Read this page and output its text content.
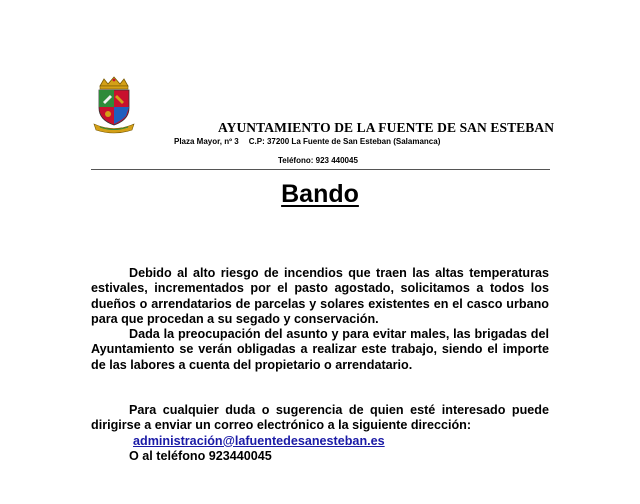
AYUNTAMIENTO DE LA FUENTE DE SAN ESTEBAN
Plaza Mayor, nº 3 C.P: 37200 La Fuente de San Esteban (Salamanca)
Teléfono: 923 440045
Bando

Debido al alto riesgo de incendios que traen las altas temperaturas estivales, incrementados por el pasto agostado, solicitamos a todos los dueños o arrendatarios de parcelas y solares existentes en el casco urbano para que procedan a su segado y conservación.

Dada la preocupación del asunto y para evitar males, las brigadas del Ayuntamiento se verán obligadas a realizar este trabajo, siendo el importe de las labores a cuenta del propietario o arrendatario.

Para cualquier duda o sugerencia de quien esté interesado puede dirigirse a enviar un correo electrónico a la siguiente dirección:

administración@lafuentedesanesteban.es
O al teléfono 923440045
